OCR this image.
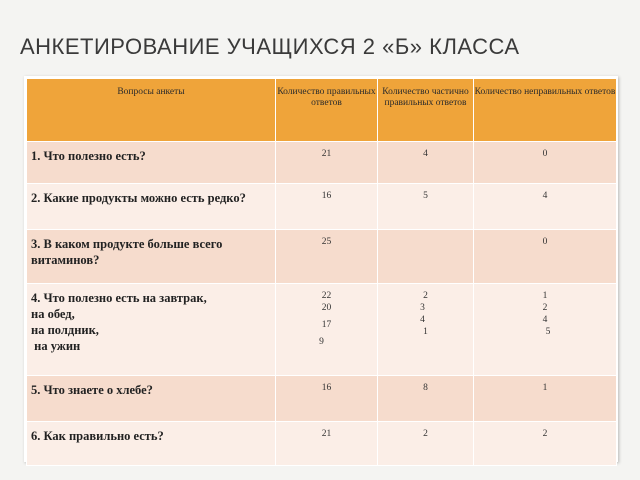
АНКЕТИРОВАНИЕ УЧАЩИХСЯ 2 «Б» КЛАССА
Вопросы анкеты	Количество правильных ответов	Количество частично правильных ответов	Количество неправильных ответов

1. Что полезно есть?	21	4	0

2. Какие продукты можно есть редко?	16	5	4

3. В каком продукте больше всего витаминов?	25		0

4. Что полезно есть на завтрак,
на обед,
на полдник,
на ужин	22
20
17
9	2
3
4
1	1
2
4
5

5. Что знаете о хлебе?	16	8	1

6. Как правильно есть?	21	2	2
